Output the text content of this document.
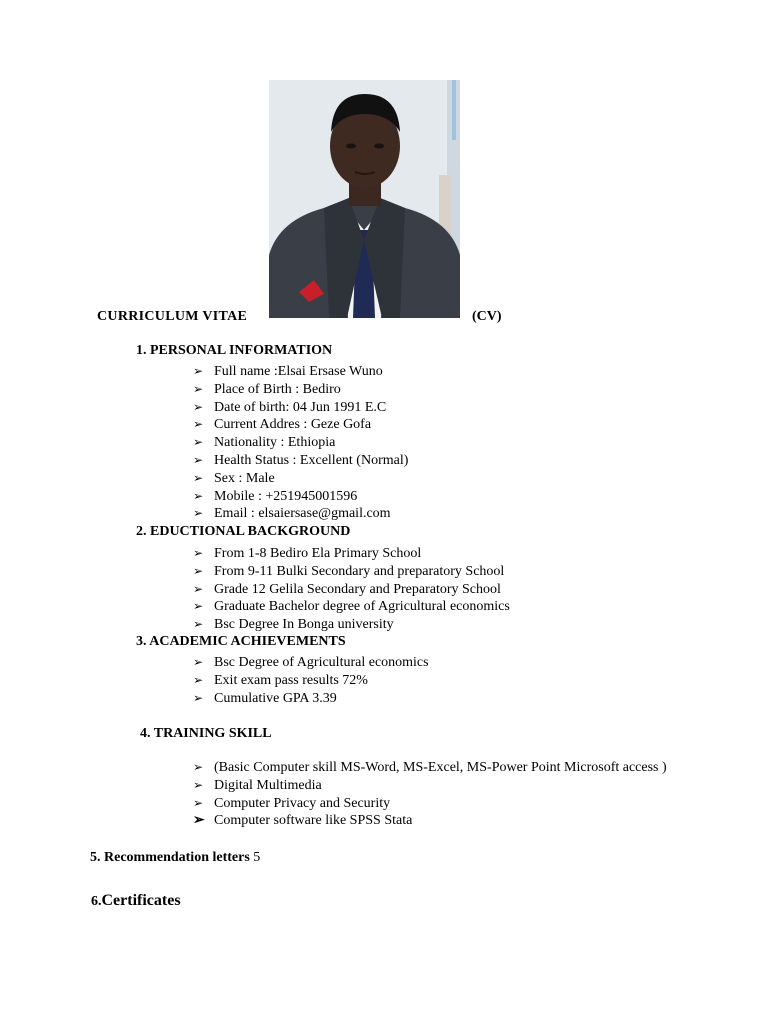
CURRICULUM VITAE	(CV)
1. PERSONAL INFORMATION
➢ Full name :Elsai Ersase Wuno
➢ Place of Birth : Bediro
➢ Date of birth: 04 Jun 1991 E.C
➢ Current Addres : Geze Gofa
➢ Nationality : Ethiopia
➢ Health Status : Excellent (Normal)
➢ Sex : Male
➢ Mobile : +251945001596
➢ Email : elsaiersase@gmail.com
2. EDUCTIONAL BACKGROUND
➢ From 1-8 Bediro Ela Primary School
➢ From 9-11 Bulki Secondary and preparatory School
➢ Grade 12 Gelila Secondary and Preparatory School
➢ Graduate Bachelor degree of Agricultural economics
➢ Bsc Degree In Bonga university
3. ACADEMIC ACHIEVEMENTS
➢ Bsc Degree of Agricultural economics
➢ Exit exam pass results 72%
➢ Cumulative GPA 3.39
4. TRAINING SKILL
➢ (Basic Computer skill MS-Word, MS-Excel, MS-Power Point Microsoft access )
➢ Digital Multimedia
➢ Computer Privacy and Security
➢ Computer software like SPSS Stata
5. Recommendation letters 5
6.Certificates
